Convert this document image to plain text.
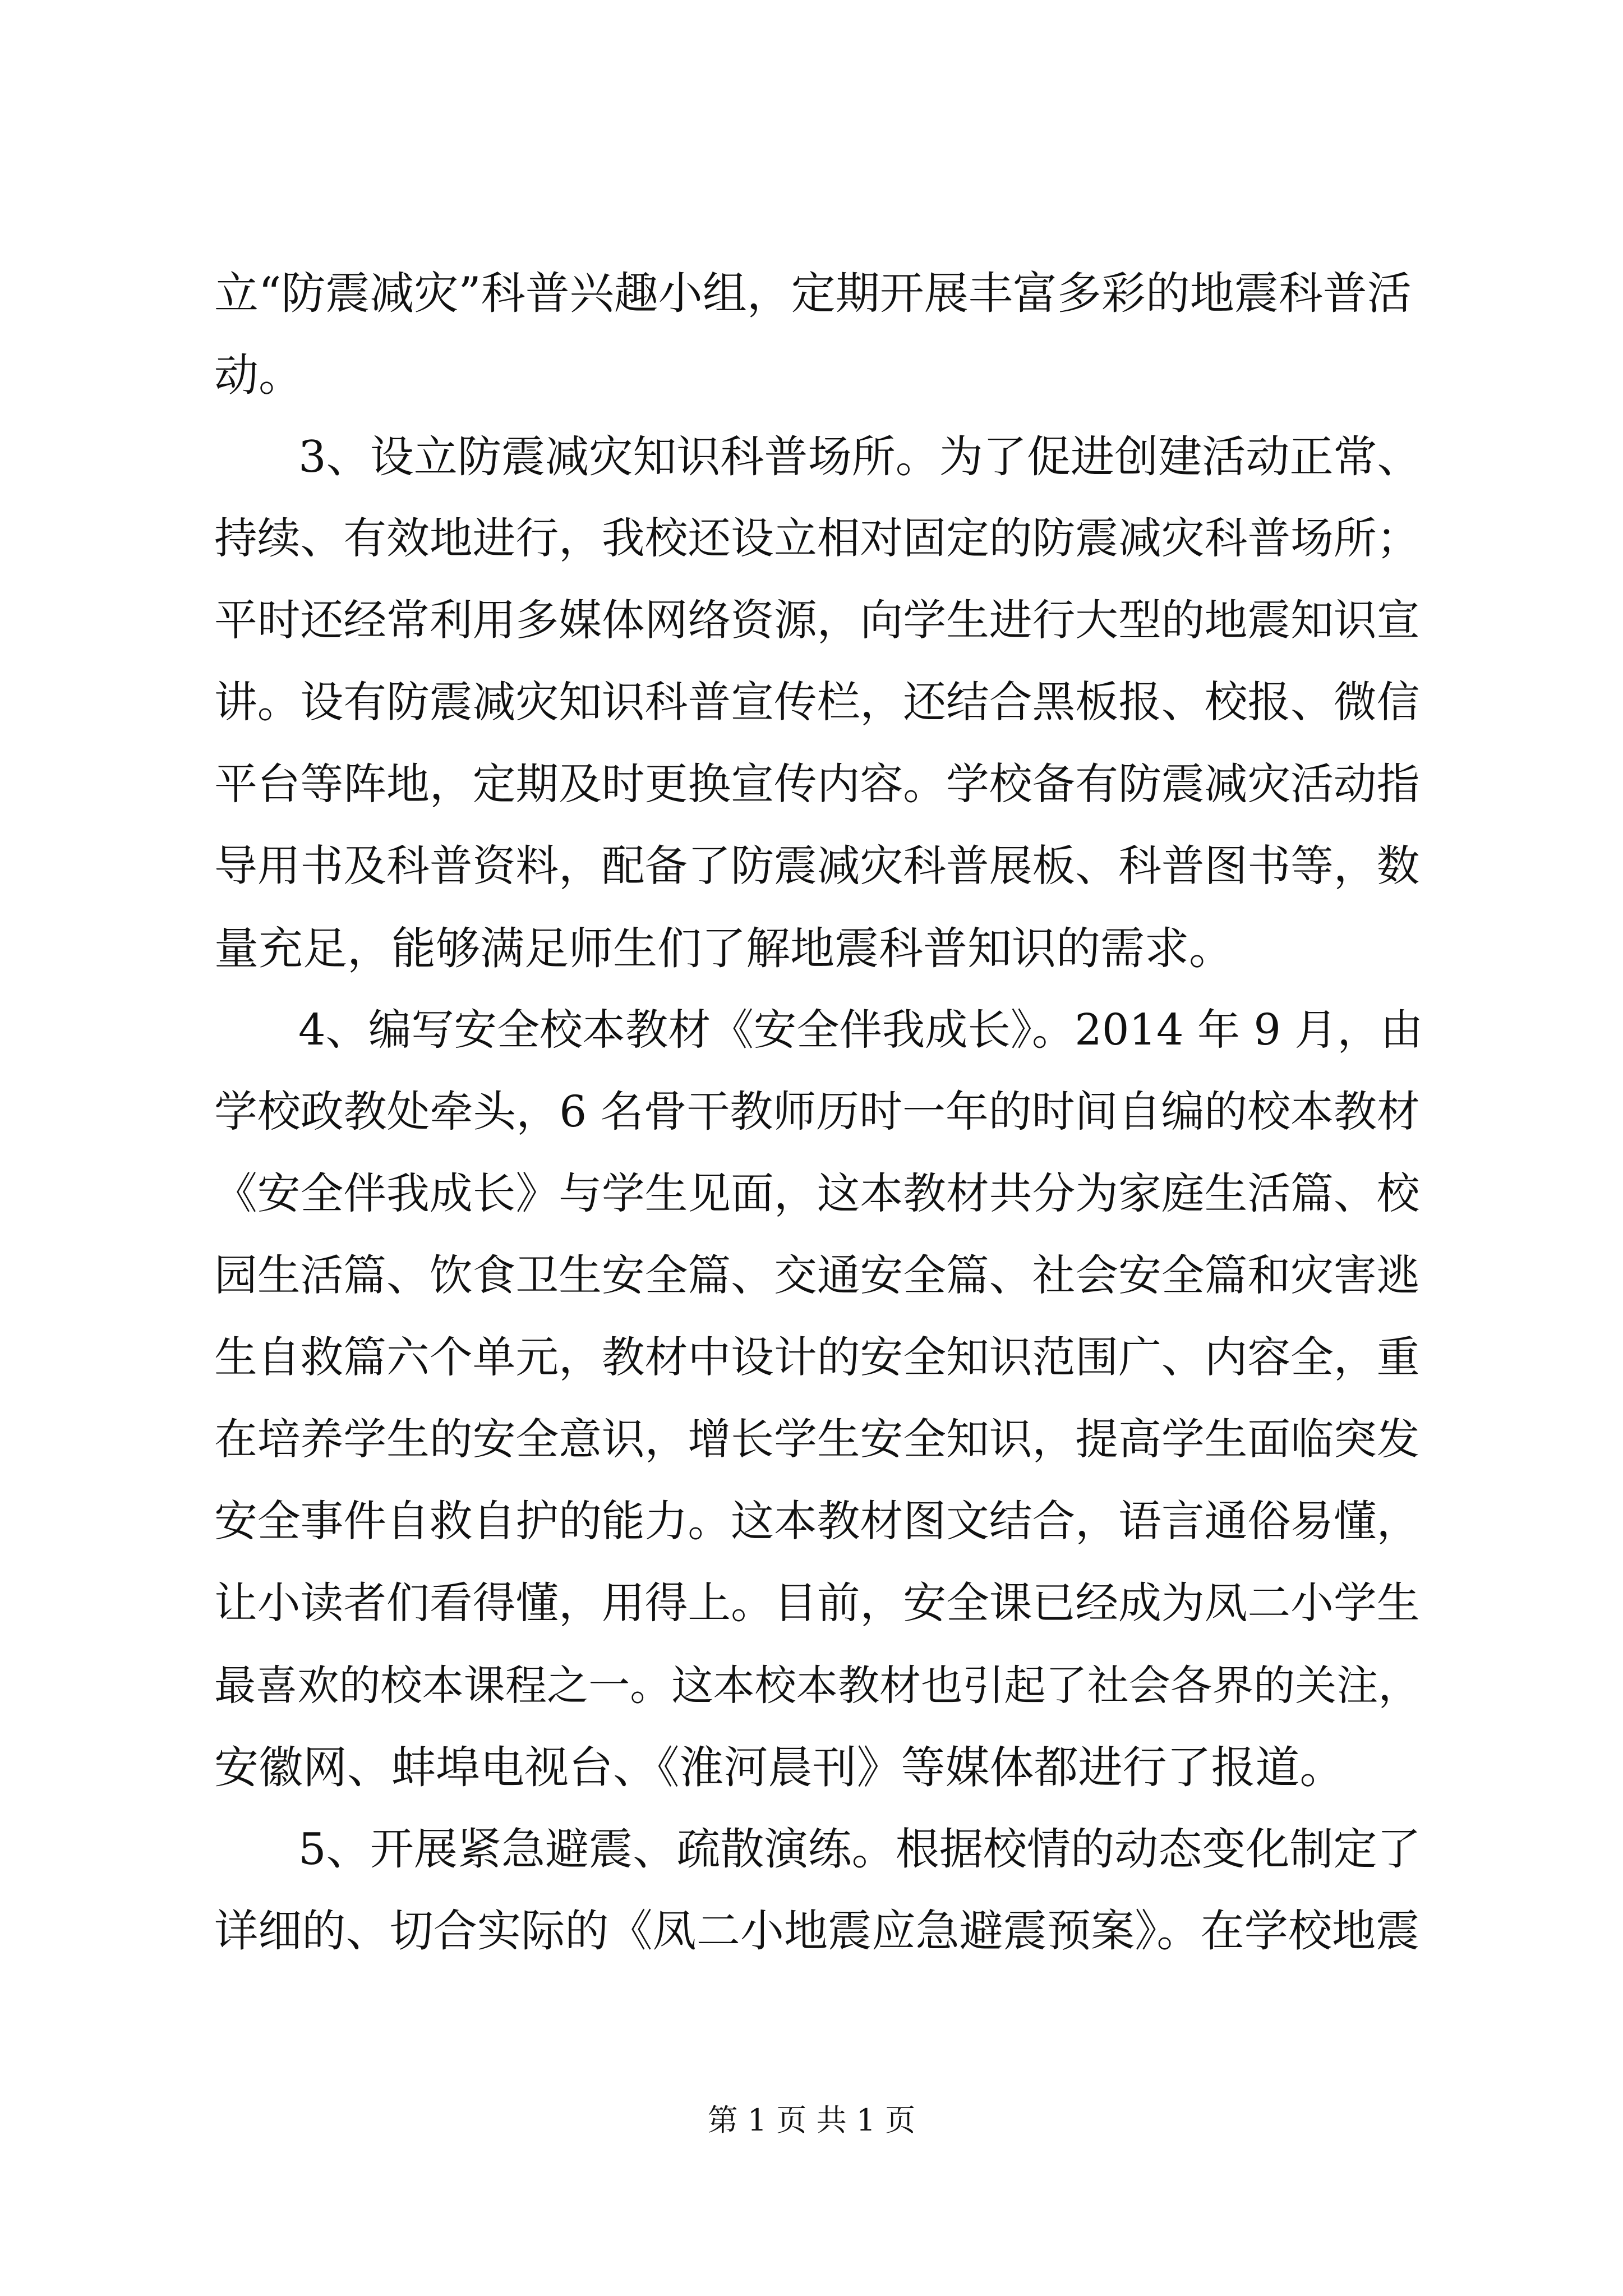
立“防震减灾”科普兴趣小组，定期开展丰富多彩的地震科普活
动。
3、设立防震减灾知识科普场所。为了促进创建活动正常、
持续、有效地进行，我校还设立相对固定的防震减灾科普场所；
平时还经常利用多媒体网络资源，向学生进行大型的地震知识宣
讲。设有防震减灾知识科普宣传栏，还结合黑板报、校报、微信
平台等阵地，定期及时更换宣传内容。学校备有防震减灾活动指
导用书及科普资料，配备了防震减灾科普展板、科普图书等，数
量充足，能够满足师生们了解地震科普知识的需求。
4、编写安全校本教材《安全伴我成长》。2014 年 9 月，由
学校政教处牵头，6 名骨干教师历时一年的时间自编的校本教材
《安全伴我成长》与学生见面，这本教材共分为家庭生活篇、校
园生活篇、饮食卫生安全篇、交通安全篇、社会安全篇和灾害逃
生自救篇六个单元，教材中设计的安全知识范围广、内容全，重
在培养学生的安全意识，增长学生安全知识，提高学生面临突发
安全事件自救自护的能力。这本教材图文结合，语言通俗易懂，
让小读者们看得懂，用得上。目前，安全课已经成为凤二小学生
最喜欢的校本课程之一。这本校本教材也引起了社会各界的关注，
安徽网、蚌埠电视台、《淮河晨刊》等媒体都进行了报道。
5、开展紧急避震、疏散演练。根据校情的动态变化制定了
详细的、切合实际的《凤二小地震应急避震预案》。在学校地震
第 1 页 共 1 页
